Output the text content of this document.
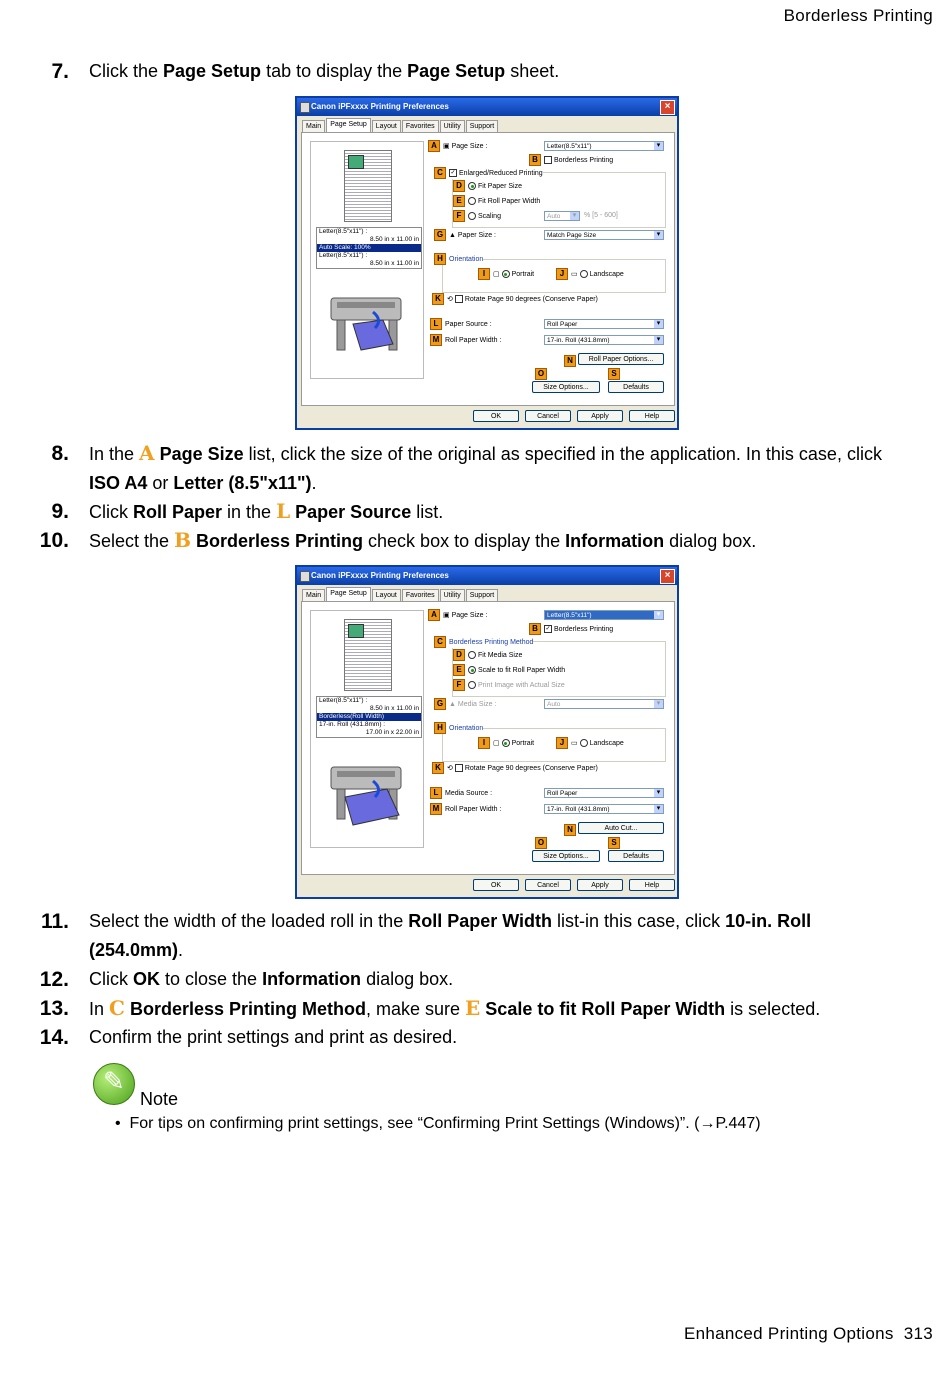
Borderless Printing
7. Click the Page Setup tab to display the Page Setup sheet.
Canon iPFxxxx Printing Preferences	×
Main Page Setup Layout Favorites Utility Support
Letter(8.5"x11") :
8.50 in x 11.00 in
Auto Scale: 100%
Letter(8.5"x11") :
8.50 in x 11.00 in
A ▣ Page Size :	Letter(8.5"x11") ▾
B Borderless Printing
C ✓ Enlarged/Reduced Printing
D Fit Paper Size
E Fit Roll Paper Width
F Scaling	Auto ▾	% [5 - 600]
G ▲ Paper Size :	Match Page Size ▾
H Orientation
I ▢ Portrait	J ▭ Landscape
K ⟲ Rotate Page 90 degrees (Conserve Paper)
L Paper Source :	Roll Paper ▾
M Roll Paper Width :	17-in. Roll (431.8mm) ▾
N	Roll Paper Options...
O	S
Size Options...	Defaults
OK	Cancel	Apply	Help
8. In the A Page Size list, click the size of the original as specified in the application. In this case, click ISO A4 or Letter (8.5"x11").
9. Click Roll Paper in the L Paper Source list.
10. Select the B Borderless Printing check box to display the Information dialog box.
Canon iPFxxxx Printing Preferences	×
Main Page Setup Layout Favorites Utility Support
Letter(8.5"x11") :
8.50 in x 11.00 in
Borderless(Roll Width)
17-in. Roll (431.8mm) :
17.00 in x 22.00 in
A ▣ Page Size :	Letter(8.5"x11") ▾
B ✓ Borderless Printing
C Borderless Printing Method
D Fit Media Size
E Scale to fit Roll Paper Width
F Print Image with Actual Size
G ▲ Media Size :	Auto ▾
H Orientation
I ▢ Portrait	J ▭ Landscape
K ⟲ Rotate Page 90 degrees (Conserve Paper)
L Media Source :	Roll Paper ▾
M Roll Paper Width :	17-in. Roll (431.8mm) ▾
N	Auto Cut...
O	S
Size Options...	Defaults
OK	Cancel	Apply	Help
11. Select the width of the loaded roll in the Roll Paper Width list-in this case, click 10-in. Roll (254.0mm).
12. Click OK to close the Information dialog box.
13. In C Borderless Printing Method, make sure E Scale to fit Roll Paper Width is selected.
14. Confirm the print settings and print as desired.
✎
Note
• For tips on confirming print settings, see “Confirming Print Settings (Windows)”. (→P.447)
Enhanced Printing Options 313
